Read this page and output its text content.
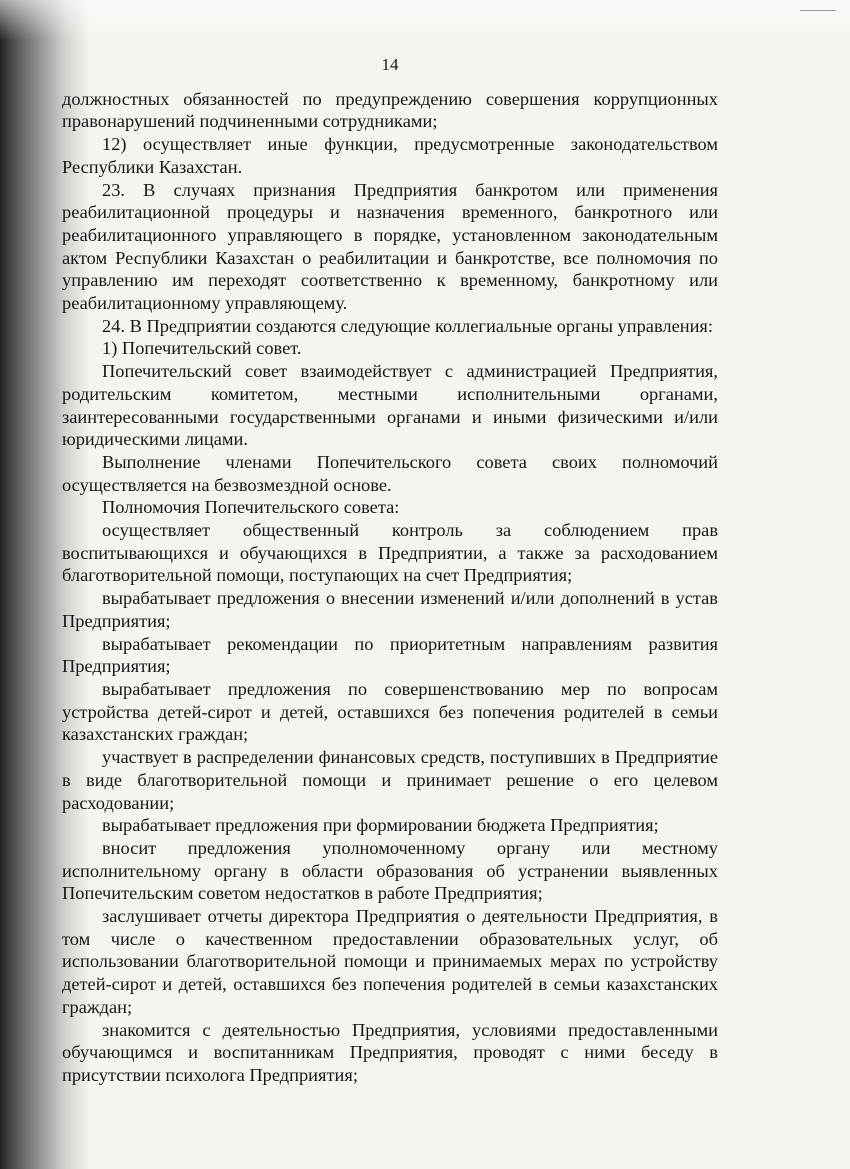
14

должностных обязанностей по предупреждению совершения коррупционных правонарушений подчиненными сотрудниками;

12) осуществляет иные функции, предусмотренные законодательством Республики Казахстан.

23. В случаях признания Предприятия банкротом или применения реабилитационной процедуры и назначения временного, банкротного или реабилитационного управляющего в порядке, установленном законодательным актом Республики Казахстан о реабилитации и банкротстве, все полномочия по управлению им переходят соответственно к временному, банкротному или реабилитационному управляющему.

24. В Предприятии создаются следующие коллегиальные органы управления:

1) Попечительский совет.

Попечительский совет взаимодействует с администрацией Предприятия, родительским комитетом, местными исполнительными органами, заинтересованными государственными органами и иными физическими и/или юридическими лицами.

Выполнение членами Попечительского совета своих полномочий осуществляется на безвозмездной основе.

Полномочия Попечительского совета:

осуществляет общественный контроль за соблюдением прав воспитывающихся и обучающихся в Предприятии, а также за расходованием благотворительной помощи, поступающих на счет Предприятия;

вырабатывает предложения о внесении изменений и/или дополнений в устав Предприятия;

вырабатывает рекомендации по приоритетным направлениям развития Предприятия;

вырабатывает предложения по совершенствованию мер по вопросам устройства детей-сирот и детей, оставшихся без попечения родителей в семьи казахстанских граждан;

участвует в распределении финансовых средств, поступивших в Предприятие в виде благотворительной помощи и принимает решение о его целевом расходовании;

вырабатывает предложения при формировании бюджета Предприятия;

вносит предложения уполномоченному органу или местному исполнительному органу в области образования об устранении выявленных Попечительским советом недостатков в работе Предприятия;

заслушивает отчеты директора Предприятия о деятельности Предприятия, в том числе о качественном предоставлении образовательных услуг, об использовании благотворительной помощи и принимаемых мерах по устройству детей-сирот и детей, оставшихся без попечения родителей в семьи казахстанских граждан;

знакомится с деятельностью Предприятия, условиями предоставленными обучающимся и воспитанникам Предприятия, проводят с ними беседу в присутствии психолога Предприятия;
